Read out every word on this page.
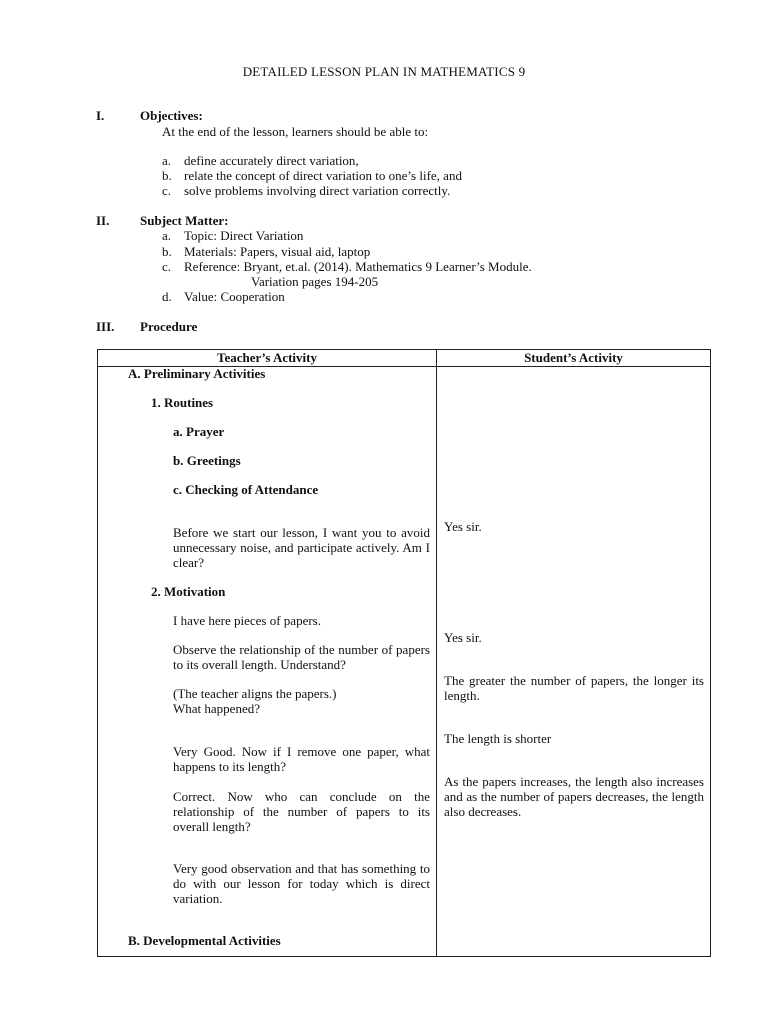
DETAILED LESSON PLAN IN MATHEMATICS 9
I.	Objectives:
At the end of the lesson, learners should be able to:
a. define accurately direct variation,
b. relate the concept of direct variation to one’s life, and
c. solve problems involving direct variation correctly.
II. Subject Matter:
a. Topic: Direct Variation
b. Materials: Papers, visual aid, laptop
c. Reference: Bryant, et.al. (2014). Mathematics 9 Learner’s Module.
Variation pages 194-205
d. Value: Cooperation
III. Procedure
Teacher’s Activity	Student’s Activity
A. Preliminary Activities
1. Routines
a. Prayer
b. Greetings
c. Checking of Attendance
Before we start our lesson, I want you to avoid unnecessary noise, and participate actively. Am I clear?
2. Motivation
I have here pieces of papers.
Observe the relationship of the number of papers to its overall length. Understand?
(The teacher aligns the papers.)
What happened?
Very Good. Now if I remove one paper, what happens to its length?
Correct. Now who can conclude on the relationship of the number of papers to its overall length?
Very good observation and that has something to do with our lesson for today which is direct variation.
B. Developmental Activities
Yes sir.
Yes sir.
The greater the number of papers, the longer its length.
The length is shorter
As the papers increases, the length also increases and as the number of papers decreases, the length also decreases.
